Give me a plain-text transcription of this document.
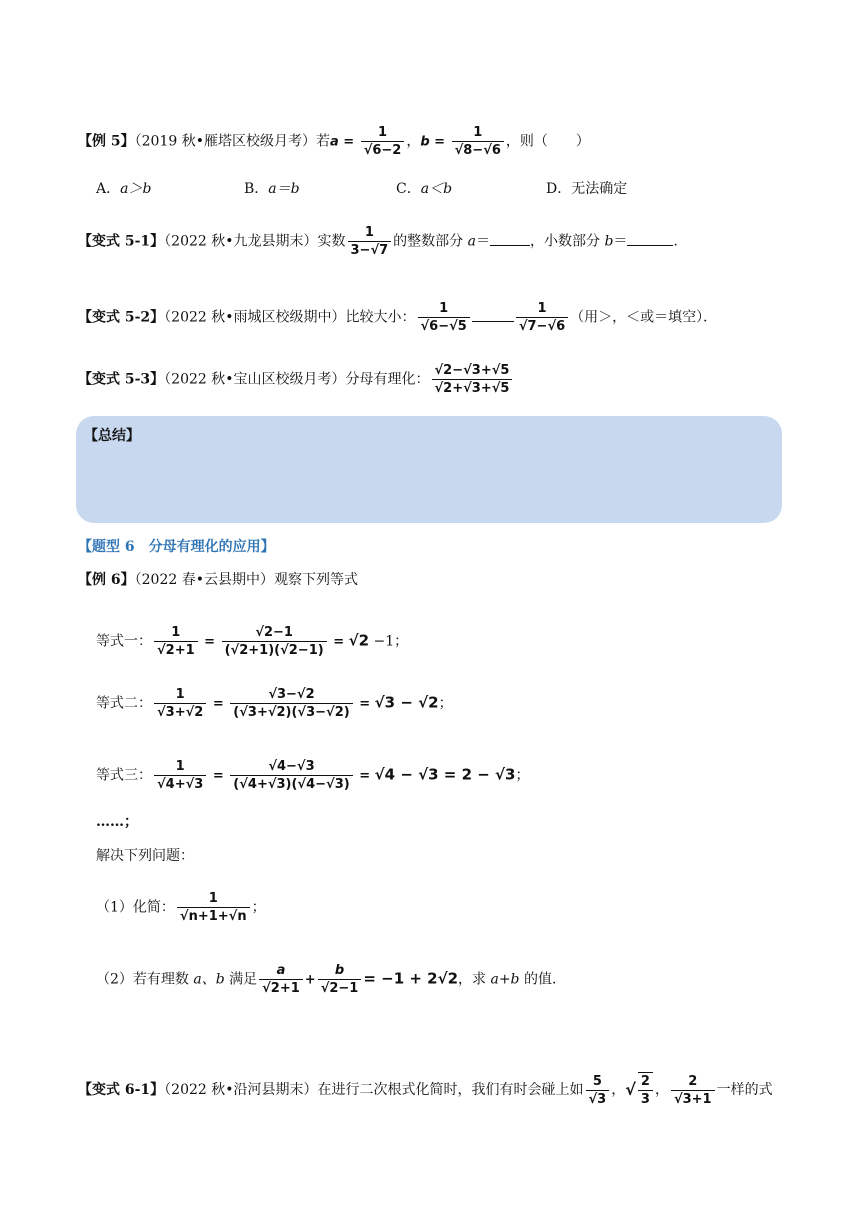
【例 5】（2019 秋•雁塔区校级月考）若$a = \frac{1}{√6-2}$ ，$b = \frac{1}{√8-√6}$ ，则（　　）
A．a＞b	B．a＝b	C．a＜b	D．无法确定
【变式 5-1】（2022 秋•九龙县期末）实数 $\frac{1}{3-√7}$ 的整数部分 a＝	，小数部分 b＝	.
【变式 5-2】（2022 秋•雨城区校级期中）比较大小： $\frac{1}{√6-√5}$	$\frac{1}{√7-√6}$ （用＞，＜或＝填空）．
【变式 5-3】（2022 秋•宝山区校级月考）分母有理化： $\frac{√2-√3+√5}{√2+√3+√5}$
【总结】
【题型 6　分母有理化的应用】
【例 6】（2022 春•云县期中）观察下列等式
等式一： $\frac{1}{√2+1} = \frac{√2-1}{(√2+1)(√2-1)} = √2 -1$；
等式二： $\frac{1}{√3+√2} = \frac{√3-√2}{(√3+√2)(√3-√2)} = √3 - √2$；
等式三： $\frac{1}{√4+√3} = \frac{√4-√3}{(√4+√3)(√4-√3)} = √4 - √3 = 2 - √3$；
……；
解决下列问题：
（1）化简： $\frac{1}{√n+1+√n}$ ；
（2）若有理数 a、b 满足 $\frac{a}{√2+1} + \frac{b}{√2-1} = -1 + 2√2$，求 a+b 的值．
【变式 6-1】（2022 秋•沿河县期末）在进行二次根式化简时，我们有时会碰上如 $\frac{5}{√3}$ ，√ $\frac{2}{3}$ ， $\frac{2}{√3+1}$ 一样的式
